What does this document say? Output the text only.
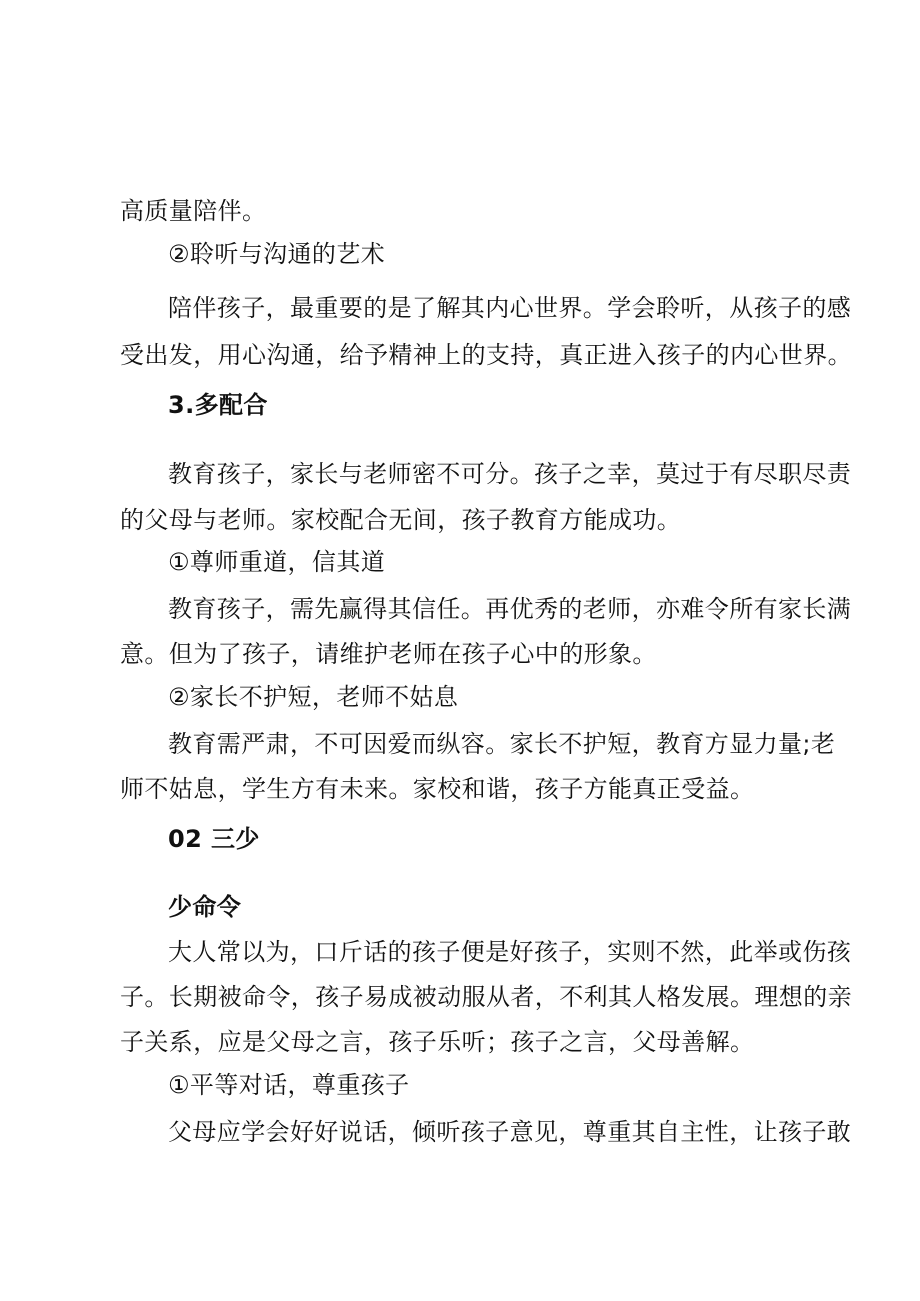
高质量陪伴。

②聆听与沟通的艺术

陪伴孩子，最重要的是了解其内心世界。学会聆听，从孩子的感

受出发，用心沟通，给予精神上的支持，真正进入孩子的内心世界。

3.多配合

教育孩子，家长与老师密不可分。孩子之幸，莫过于有尽职尽责

的父母与老师。家校配合无间，孩子教育方能成功。

①尊师重道，信其道

教育孩子，需先赢得其信任。再优秀的老师，亦难令所有家长满

意。但为了孩子，请维护老师在孩子心中的形象。

②家长不护短，老师不姑息

教育需严肃，不可因爱而纵容。家长不护短，教育方显力量;老

师不姑息，学生方有未来。家校和谐，孩子方能真正受益。

02 三少

少命令

大人常以为，口斤话的孩子便是好孩子，实则不然，此举或伤孩

子。长期被命令，孩子易成被动服从者，不利其人格发展。理想的亲

子关系，应是父母之言，孩子乐听；孩子之言，父母善解。

①平等对话，尊重孩子

父母应学会好好说话，倾听孩子意见，尊重其自主性，让孩子敢
